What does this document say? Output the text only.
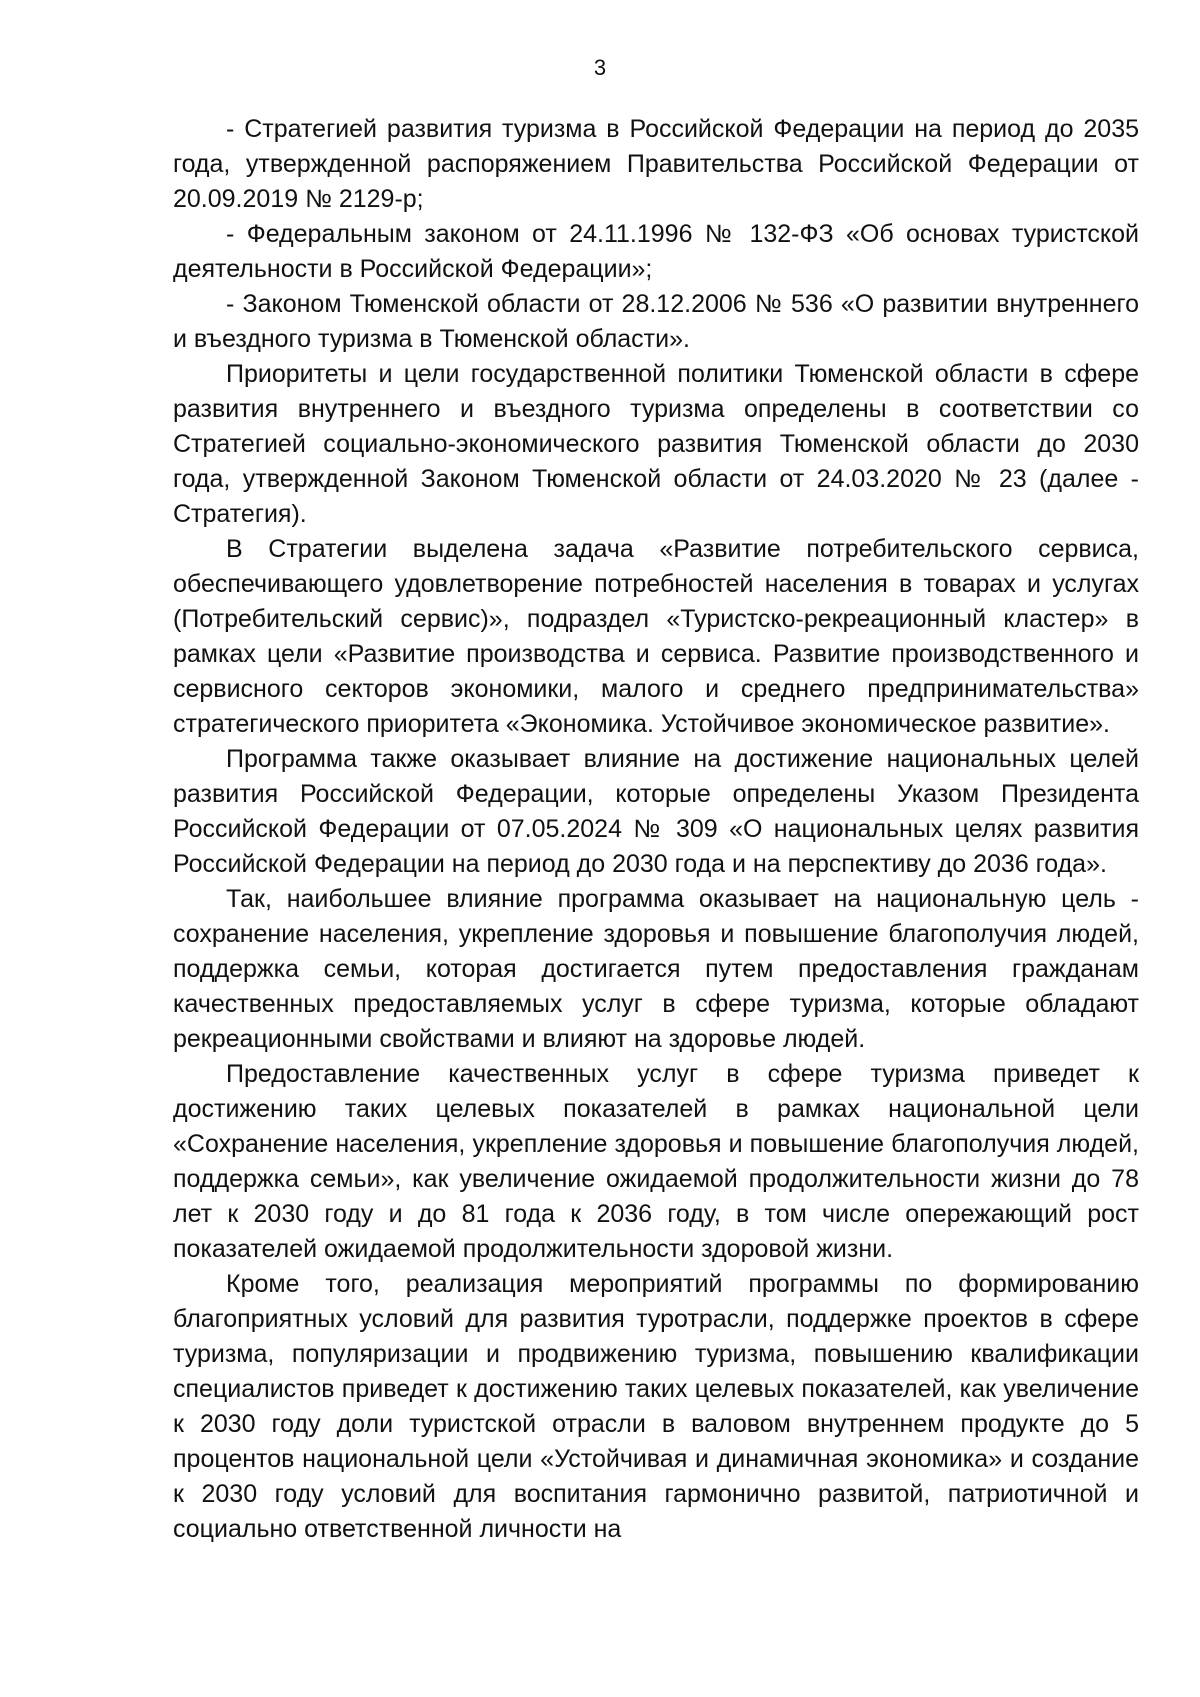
3

- Стратегией развития туризма в Российской Федерации на период до 2035 года, утвержденной распоряжением Правительства Российской Федерации от 20.09.2019 № 2129-р;

- Федеральным законом от 24.11.1996 № 132-ФЗ «Об основах туристской деятельности в Российской Федерации»;

- Законом Тюменской области от 28.12.2006 № 536 «О развитии внутреннего и въездного туризма в Тюменской области».

Приоритеты и цели государственной политики Тюменской области в сфере развития внутреннего и въездного туризма определены в соответствии со Стратегией социально-экономического развития Тюменской области до 2030 года, утвержденной Законом Тюменской области от 24.03.2020 № 23 (далее - Стратегия).

В Стратегии выделена задача «Развитие потребительского сервиса, обеспечивающего удовлетворение потребностей населения в товарах и услугах (Потребительский сервис)», подраздел «Туристско-рекреационный кластер» в рамках цели «Развитие производства и сервиса. Развитие производственного и сервисного секторов экономики, малого и среднего предпринимательства» стратегического приоритета «Экономика. Устойчивое экономическое развитие».

Программа также оказывает влияние на достижение национальных целей развития Российской Федерации, которые определены Указом Президента Российской Федерации от 07.05.2024 № 309 «О национальных целях развития Российской Федерации на период до 2030 года и на перспективу до 2036 года».

Так, наибольшее влияние программа оказывает на национальную цель - сохранение населения, укрепление здоровья и повышение благополучия людей, поддержка семьи, которая достигается путем предоставления гражданам качественных предоставляемых услуг в сфере туризма, которые обладают рекреационными свойствами и влияют на здоровье людей.

Предоставление качественных услуг в сфере туризма приведет к достижению таких целевых показателей в рамках национальной цели «Сохранение населения, укрепление здоровья и повышение благополучия людей, поддержка семьи», как увеличение ожидаемой продолжительности жизни до 78 лет к 2030 году и до 81 года к 2036 году, в том числе опережающий рост показателей ожидаемой продолжительности здоровой жизни.

Кроме того, реализация мероприятий программы по формированию благоприятных условий для развития туротрасли, поддержке проектов в сфере туризма, популяризации и продвижению туризма, повышению квалификации специалистов приведет к достижению таких целевых показателей, как увеличение к 2030 году доли туристской отрасли в валовом внутреннем продукте до 5 процентов национальной цели «Устойчивая и динамичная экономика» и создание к 2030 году условий для воспитания гармонично развитой, патриотичной и социально ответственной личности на
